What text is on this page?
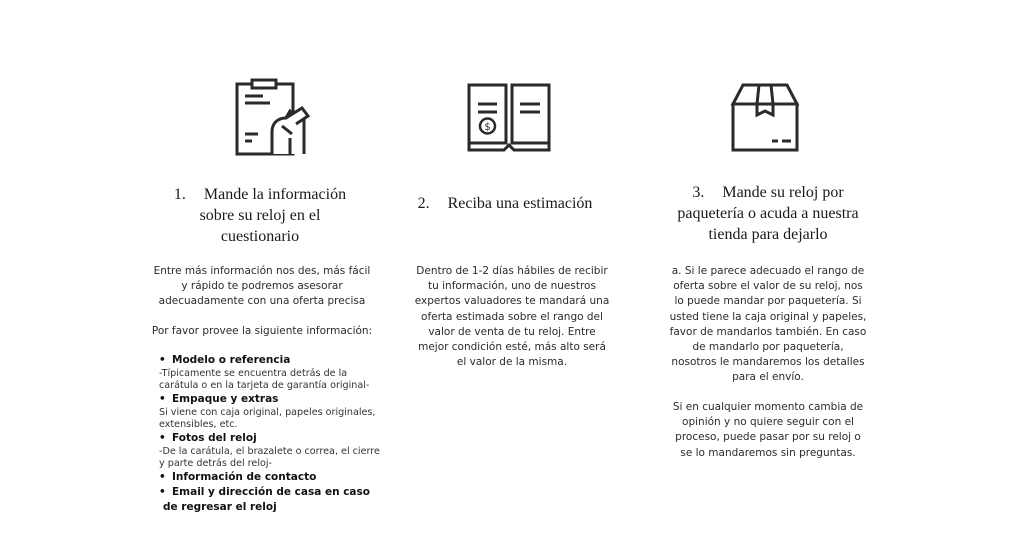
1. Mande la información
sobre su reloj en el
cuestionario
Entre más información nos des, más fácil
y rápido te podremos asesorar
adecuadamente con una oferta precisa
Por favor provee la siguiente información:
• Modelo o referencia
-Típicamente se encuentra detrás de la
carátula o en la tarjeta de garantía original-
• Empaque y extras
Si viene con caja original, papeles originales,
extensibles, etc.
• Fotos del reloj
-De la carátula, el brazalete o correa, el cierre
y parte detrás del reloj-
• Información de contacto
• Email y dirección de casa en caso
de regresar el reloj
$
2. Reciba una estimación
Dentro de 1-2 días hábiles de recibir
tu información, uno de nuestros
expertos valuadores te mandará una
oferta estimada sobre el rango del
valor de venta de tu reloj. Entre
mejor condición esté, más alto será
el valor de la misma.
3. Mande su reloj por
paquetería o acuda a nuestra
tienda para dejarlo
a. Si le parece adecuado el rango de
oferta sobre el valor de su reloj, nos
lo puede mandar por paquetería. Si
usted tiene la caja original y papeles,
favor de mandarlos también. En caso
de mandarlo por paquetería,
nosotros le mandaremos los detalles
para el envío.
Si en cualquier momento cambia de
opinión y no quiere seguir con el
proceso, puede pasar por su reloj o
se lo mandaremos sin preguntas.
